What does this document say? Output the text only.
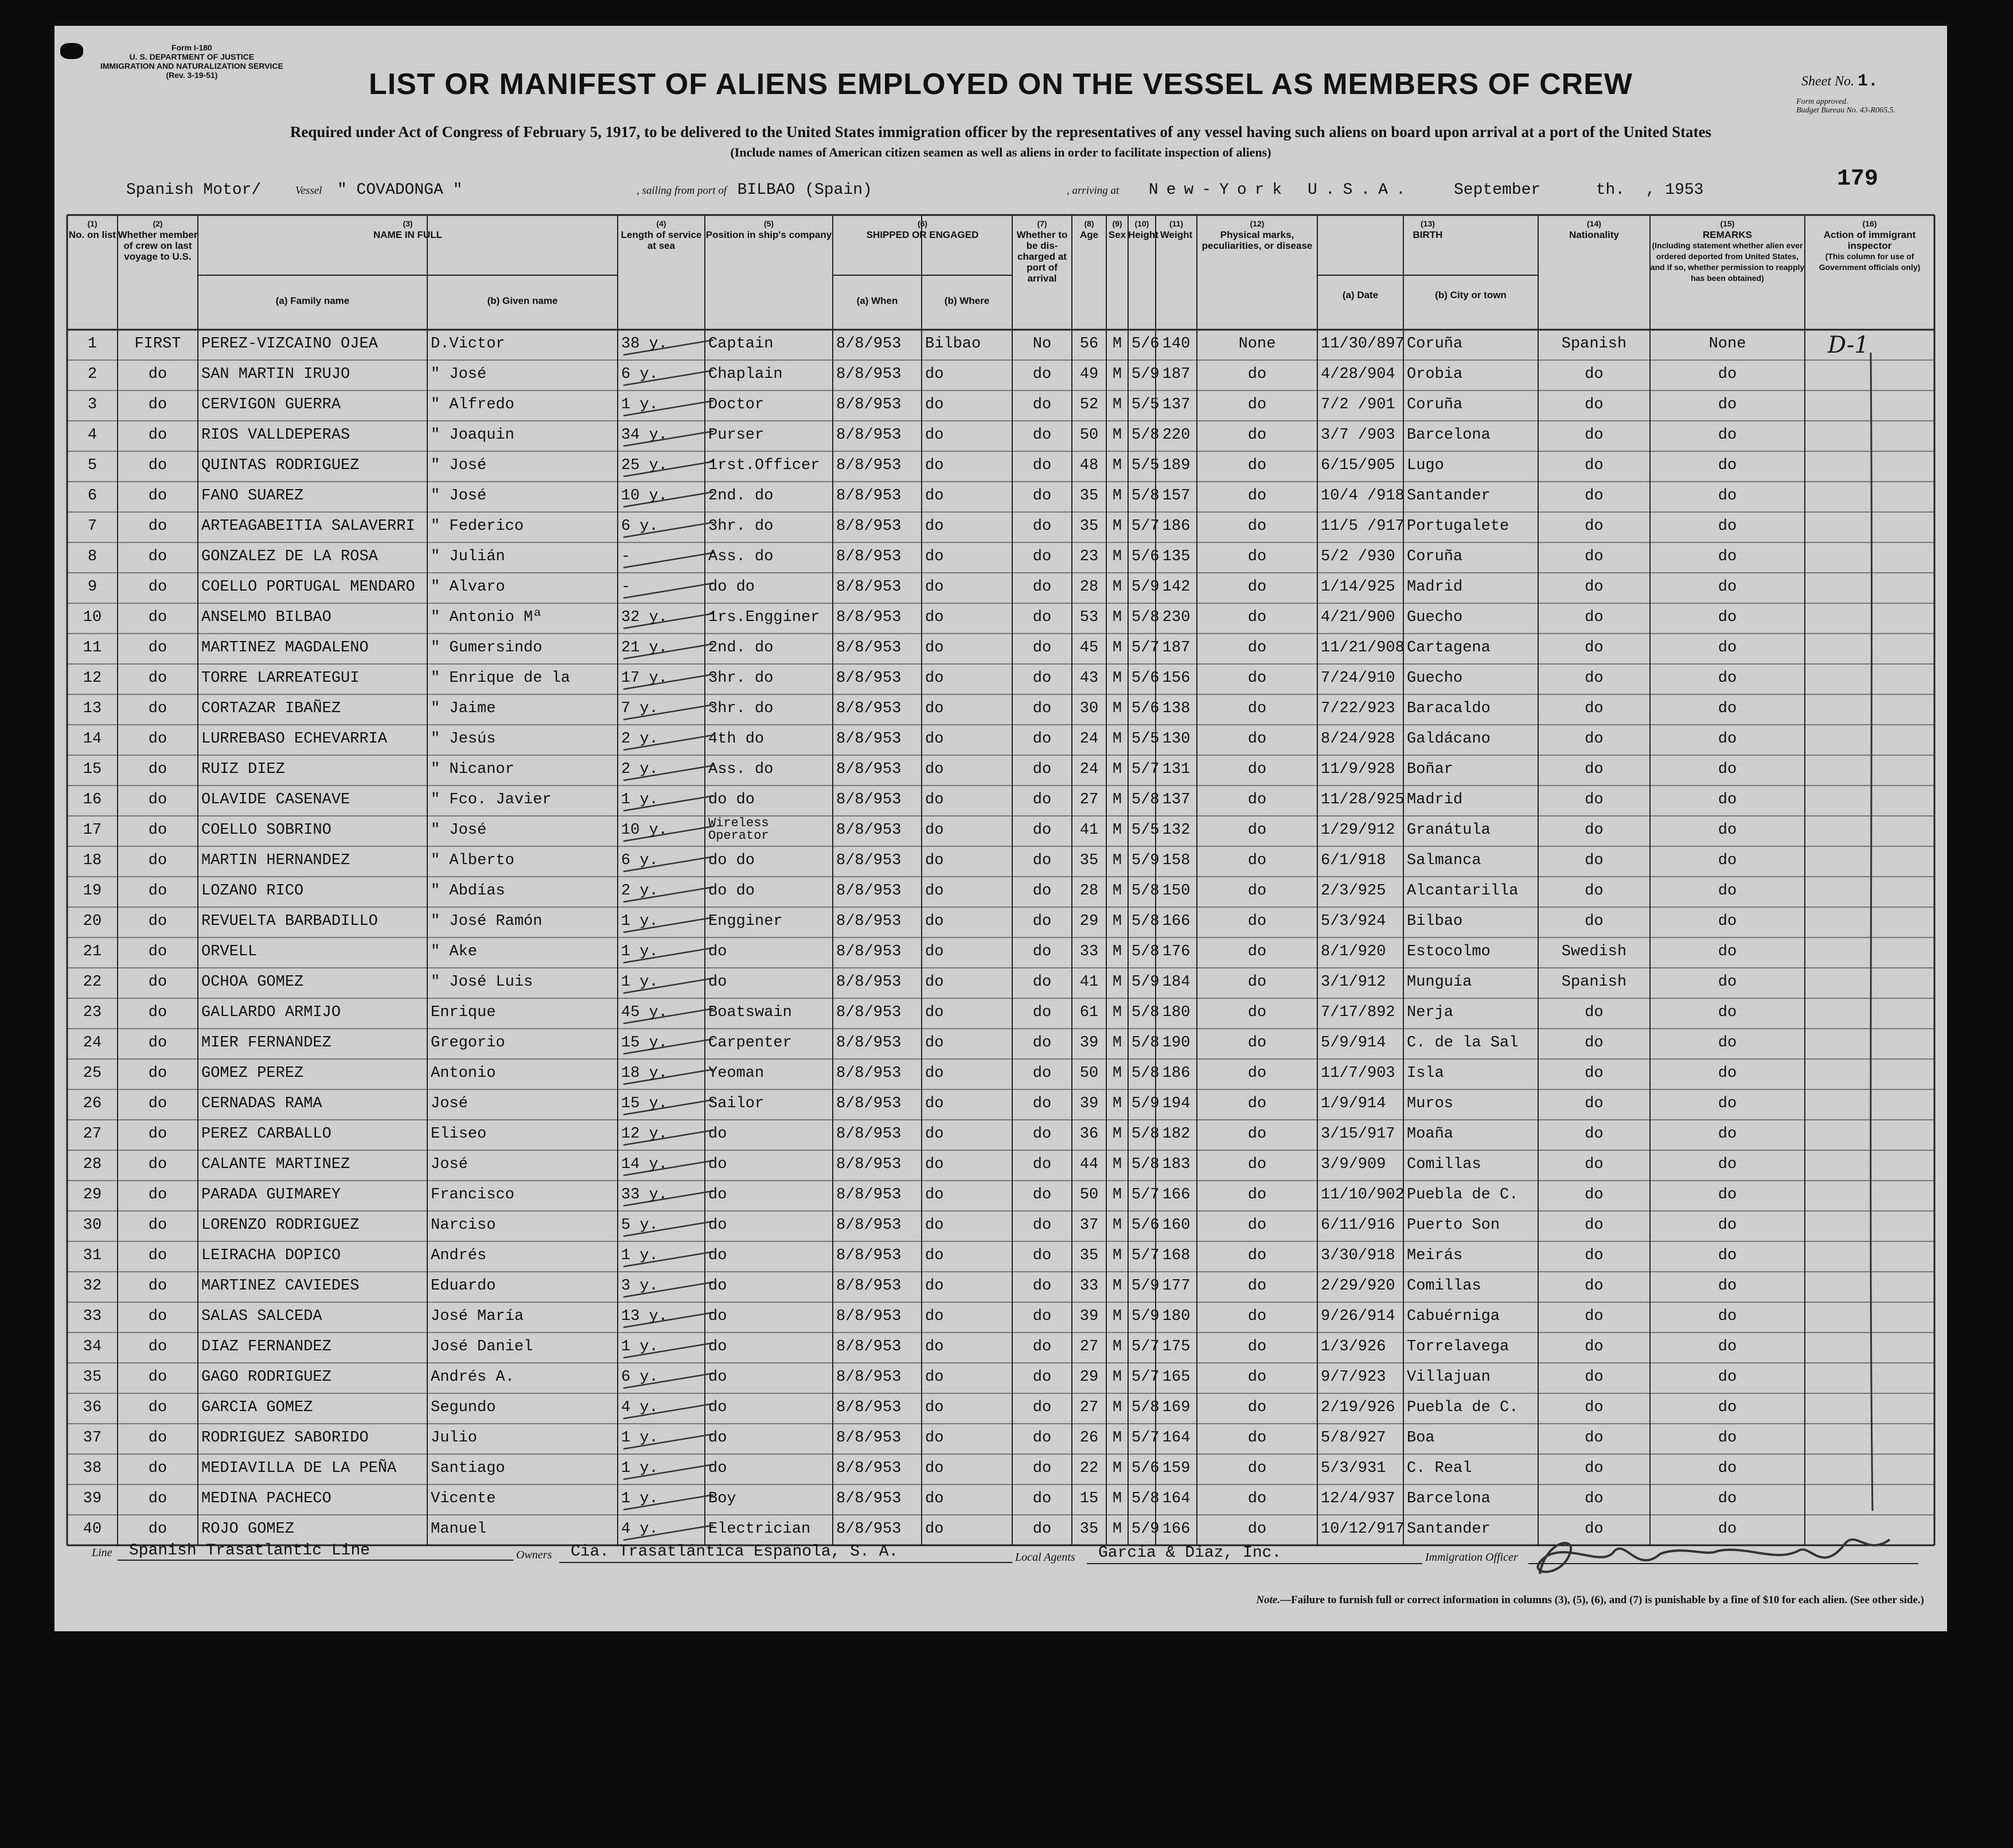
Form I-180
U. S. DEPARTMENT OF JUSTICE
IMMIGRATION AND NATURALIZATION SERVICE
(Rev. 3-19-51)	LIST OR MANIFEST OF ALIENS EMPLOYED ON THE VESSEL AS MEMBERS OF CREW
Required under Act of Congress of February 5, 1917, to be delivered to the United States immigration officer by the representatives of any vessel having such aliens on board upon arrival at a port of the United States
(Include names of American citizen seamen as well as aliens in order to facilitate inspection of aliens)
Sheet No. 1.
Form approved.
Budget Bureau No. 43-R065.5.
179
Spanish Motor/	Vessel " COVADONGA "	, sailing from port of BILBAO (Spain)	, arriving at New-York U.S.A.	September	th. , 1953
(1)
No. on list
(2)
Whether member of crew on last voyage to U.S.
(3)
NAME IN FULL
(a) Family name	(b) Given name
(4)
Length of service at sea
(5)
Position in ship's company
(6)
SHIPPED OR ENGAGED
(a) When	(b) Where
(7)
Whether to be dis-charged at port of arrival
(8)
Age
(9)
Sex
(10)
Height
(11)
Weight
(12)
Physical marks, peculiarities, or disease
(13)
BIRTH
(a) Date	(b) City or town
(14)
Nationality
(15)
REMARKS
(Including statement whether alien ever ordered deported from United States, and if so, whether permission to reapply has been obtained)
(16)
Action of immigrant inspector
(This column for use of Government officials only)
1	FIRST	PEREZ-VIZCAINO OJEA	D.Victor	38 y.	Captain	8/8/953	Bilbao	No	56 M 5/6 140	None	11/30/897 Coruña	Spanish	None
2	do	SAN MARTIN IRUJO	" José	6 y.	Chaplain	8/8/953	do	do	49 M 5/9 187	do	4/28/904 Orobia	do	do
3	do	CERVIGON GUERRA	" Alfredo	1 y.	Doctor	8/8/953	do	do	52 M 5/5 137	do	7/2 /901 Coruña	do	do
4	do	RIOS VALLDEPERAS	" Joaquin	34 y.	Purser	8/8/953	do	do	50 M 5/8 220	do	3/7 /903 Barcelona	do	do
5	do	QUINTAS RODRIGUEZ	" José	25 y.	1rst.Officer	8/8/953	do	do	48 M 5/5 189	do	6/15/905 Lugo	do	do
6	do	FANO SUAREZ	" José	10 y.	2nd. do	8/8/953	do	do	35 M 5/8 157	do	10/4 /918 Santander	do	do
7	do	ARTEAGABEITIA SALAVERRI	" Federico	6 y.	3hr. do	8/8/953	do	do	35 M 5/7 186	do	11/5 /917 Portugalete	do	do
8	do	GONZALEZ DE LA ROSA	" Julián	-	Ass. do	8/8/953	do	do	23 M 5/6 135	do	5/2 /930 Coruña	do	do
9	do	COELLO PORTUGAL MENDARO	" Alvaro	-	do do	8/8/953	do	do	28 M 5/9 142	do	1/14/925 Madrid	do	do
10	do	ANSELMO BILBAO	" Antonio Mª	32 y.	1rs.Engginer	8/8/953	do	do	53 M 5/8 230	do	4/21/900 Guecho	do	do
11	do	MARTINEZ MAGDALENO	" Gumersindo	21 y.	2nd. do	8/8/953	do	do	45 M 5/7 187	do	11/21/908 Cartagena	do	do
12	do	TORRE LARREATEGUI	" Enrique de la	17 y.	3hr. do	8/8/953	do	do	43 M 5/6 156	do	7/24/910 Guecho	do	do
13	do	CORTAZAR IBAÑEZ	" Jaime	7 y.	3hr. do	8/8/953	do	do	30 M 5/6 138	do	7/22/923 Baracaldo	do	do
14	do	LURREBASO ECHEVARRIA	" Jesús	2 y.	4th do	8/8/953	do	do	24 M 5/5 130	do	8/24/928 Galdácano	do	do
15	do	RUIZ DIEZ	" Nicanor	2 y.	Ass. do	8/8/953	do	do	24 M 5/7 131	do	11/9/928 Boñar	do	do
16	do	OLAVIDE CASENAVE	" Fco. Javier	1 y.	do do	8/8/953	do	do	27 M 5/8 137	do	11/28/925 Madrid	do	do
17	do	COELLO SOBRINO	" José	10 y.	Wireless Operator	8/8/953	do	do	41 M 5/5 132	do	1/29/912 Granátula	do	do
18	do	MARTIN HERNANDEZ	" Alberto	6 y.	do do	8/8/953	do	do	35 M 5/9 158	do	6/1/918	Salmanca	do	do
19	do	LOZANO RICO	" Abdías	2 y.	do do	8/8/953	do	do	28 M 5/8 150	do	2/3/925	Alcantarilla	do	do
20	do	REVUELTA BARBADILLO	" José Ramón	1 y.	Engginer	8/8/953	do	do	29 M 5/8 166	do	5/3/924	Bilbao	do	do
21	do	ORVELL	" Ake	1 y.	do	8/8/953	do	do	33 M 5/8 176	do	8/1/920	Estocolmo	Swedish	do
22	do	OCHOA GOMEZ	" José Luis	1 y.	do	8/8/953	do	do	41 M 5/9 184	do	3/1/912	Munguía	Spanish	do
23	do	GALLARDO ARMIJO	Enrique	45 y.	Boatswain	8/8/953	do	do	61 M 5/8 180	do	7/17/892 Nerja	do	do
24	do	MIER FERNANDEZ	Gregorio	15 y.	Carpenter	8/8/953	do	do	39 M 5/8 190	do	5/9/914	C. de la Sal	do	do
25	do	GOMEZ PEREZ	Antonio	18 y.	Yeoman	8/8/953	do	do	50 M 5/8 186	do	11/7/903 Isla	do	do
26	do	CERNADAS RAMA	José	15 y.	Sailor	8/8/953	do	do	39 M 5/9 194	do	1/9/914	Muros	do	do
27	do	PEREZ CARBALLO	Eliseo	12 y.	do	8/8/953	do	do	36 M 5/8 182	do	3/15/917 Moaña	do	do
28	do	CALANTE MARTINEZ	José	14 y.	do	8/8/953	do	do	44 M 5/8 183	do	3/9/909	Comillas	do	do
29	do	PARADA GUIMAREY	Francisco	33 y.	do	8/8/953	do	do	50 M 5/7 166	do	11/10/902 Puebla de C.	do	do
30	do	LORENZO RODRIGUEZ	Narciso	5 y.	do	8/8/953	do	do	37 M 5/6 160	do	6/11/916 Puerto Son	do	do
31	do	LEIRACHA DOPICO	Andrés	1 y.	do	8/8/953	do	do	35 M 5/7 168	do	3/30/918 Meirás	do	do
32	do	MARTINEZ CAVIEDES	Eduardo	3 y.	do	8/8/953	do	do	33 M 5/9 177	do	2/29/920 Comillas	do	do
33	do	SALAS SALCEDA	José María	13 y.	do	8/8/953	do	do	39 M 5/9 180	do	9/26/914 Cabuérniga	do	do
34	do	DIAZ FERNANDEZ	José Daniel	1 y.	do	8/8/953	do	do	27 M 5/7 175	do	1/3/926	Torrelavega	do	do
35	do	GAGO RODRIGUEZ	Andrés A.	6 y.	do	8/8/953	do	do	29 M 5/7 165	do	9/7/923	Villajuan	do	do
36	do	GARCIA GOMEZ	Segundo	4 y.	do	8/8/953	do	do	27 M 5/8 169	do	2/19/926 Puebla de C.	do	do
37	do	RODRIGUEZ SABORIDO	Julio	1 y.	do	8/8/953	do	do	26 M 5/7 164	do	5/8/927	Boa	do	do
38	do	MEDIAVILLA DE LA PEÑA	Santiago	1 y.	do	8/8/953	do	do	22 M 5/6 159	do	5/3/931	C. Real	do	do
39	do	MEDINA PACHECO	Vicente	1 y.	Boy	8/8/953	do	do	15 M 5/8 164	do	12/4/937 Barcelona	do	do
40	do	ROJO GOMEZ	Manuel	4 y.	Electrician	8/8/953	do	do	35 M 5/9 166	do	10/12/917 Santander	do	do
D-1
Line Spanish Trasatlantic Line	Owners Cia. Trasatlántica Española, S. A.	Local Agents García & Díaz, Inc.	Immigration Officer
Note.—Failure to furnish full or correct information in columns (3), (5), (6), and (7) is punishable by a fine of $10 for each alien. (See other side.)
